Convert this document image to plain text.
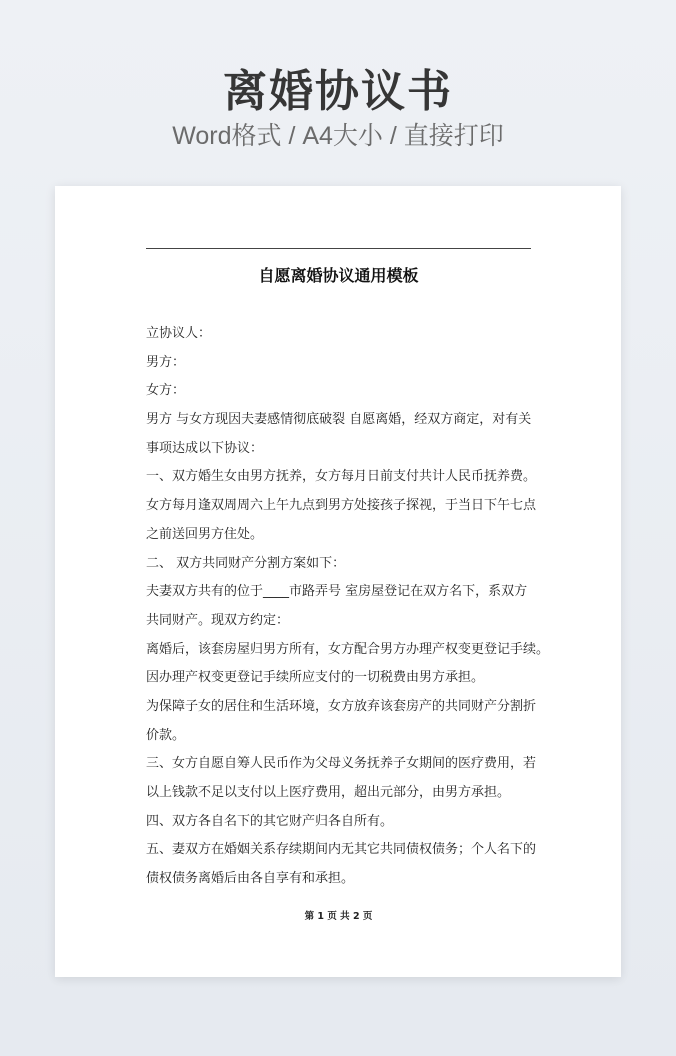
离婚协议书
Word格式 / A4大小 / 直接打印
自愿离婚协议通用模板
立协议人：
男方：
女方：
男方 与女方现因夫妻感情彻底破裂 自愿离婚，经双方商定，对有关
事项达成以下协议：
一、双方婚生女由男方抚养，女方每月日前支付共计人民币抚养费。
女方每月逢双周周六上午九点到男方处接孩子探视，于当日下午七点
之前送回男方住处。
二、 双方共同财产分割方案如下：
夫妻双方共有的位于____市路弄号 室房屋登记在双方名下，系双方
共同财产。现双方约定：
离婚后，该套房屋归男方所有，女方配合男方办理产权变更登记手续。
因办理产权变更登记手续所应支付的一切税费由男方承担。
为保障子女的居住和生活环境，女方放弃该套房产的共同财产分割折
价款。
三、女方自愿自筹人民币作为父母义务抚养子女期间的医疗费用，若
以上钱款不足以支付以上医疗费用，超出元部分，由男方承担。
四、双方各自名下的其它财产归各自所有。
五、妻双方在婚姻关系存续期间内无其它共同债权债务；个人名下的
债权债务离婚后由各自享有和承担。
第 1 页 共 2 页
